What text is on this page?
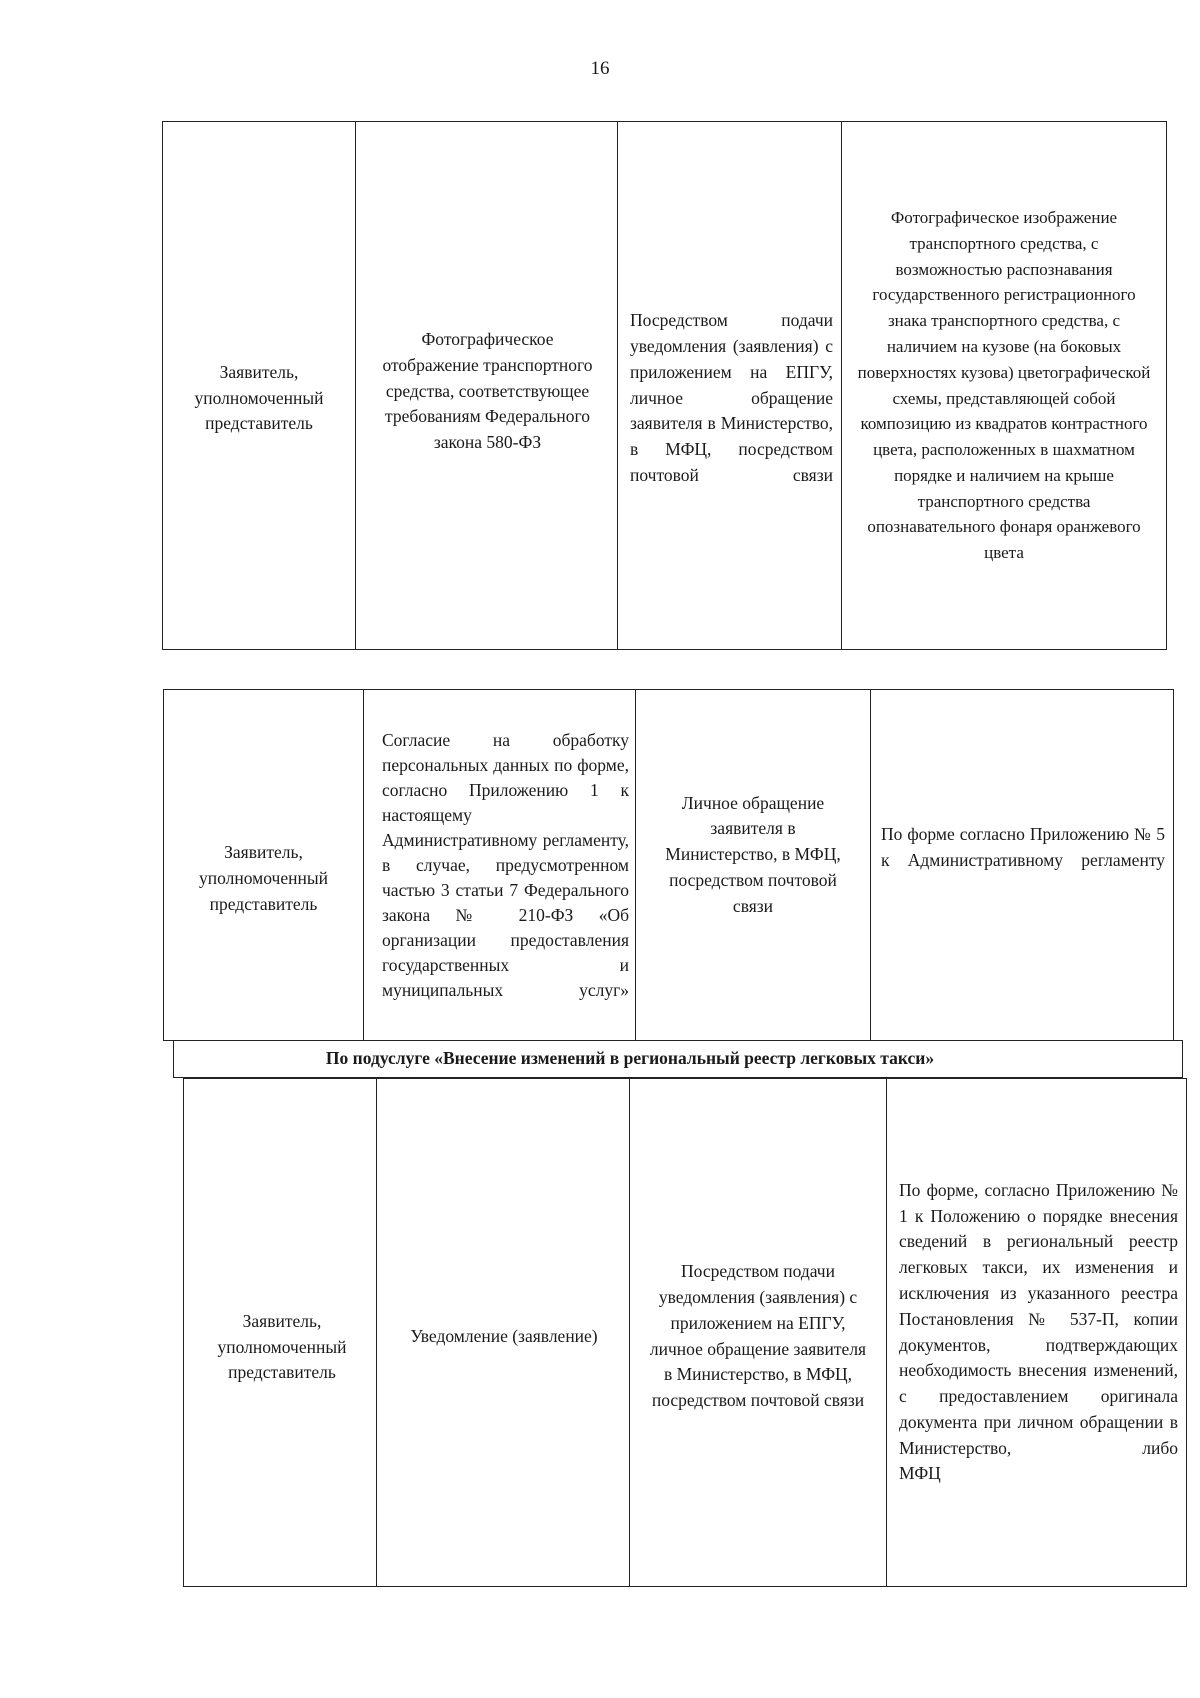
16
Заявитель, уполномоченный представитель	Фотографическое отображение транспортного средства, соответствующее требованиям Федерального закона 580-ФЗ	Посредством подачи уведомления (заявления) с приложением на ЕПГУ, личное обращение заявителя в Министерство, в МФЦ, посредством почтовой связи	Фотографическое изображение транспортного средства, с возможностью распознавания государственного регистрационного знака транспортного средства, с наличием на кузове (на боковых поверхностях кузова) цветографической схемы, представляющей собой композицию из квадратов контрастного цвета, расположенных в шахматном порядке и наличием на крыше транспортного средства опознавательного фонаря оранжевого цвета
Заявитель, уполномоченный представитель	Согласие на обработку персональных данных по форме, согласно Приложению 1 к настоящему Административному регламенту, в случае, предусмотренном частью 3 статьи 7 Федерального закона № 210-ФЗ «Об организации предоставления государственных и муниципальных услуг»	Личное обращение заявителя в Министерство, в МФЦ, посредством почтовой связи	По форме согласно Приложению № 5 к Административному регламенту
По подуслуге «Внесение изменений в региональный реестр легковых такси»
Заявитель, уполномоченный представитель	Уведомление (заявление)	Посредством подачи уведомления (заявления) с приложением на ЕПГУ, личное обращение заявителя в Министерство, в МФЦ, посредством почтовой связи	По форме, согласно Приложению № 1 к Положению о порядке внесения сведений в региональный реестр легковых такси, их изменения и исключения из указанного реестра Постановления № 537-П, копии документов, подтверждающих необходимость внесения изменений, с предоставлением оригинала документа при личном обращении в Министерство, либо
МФЦ
